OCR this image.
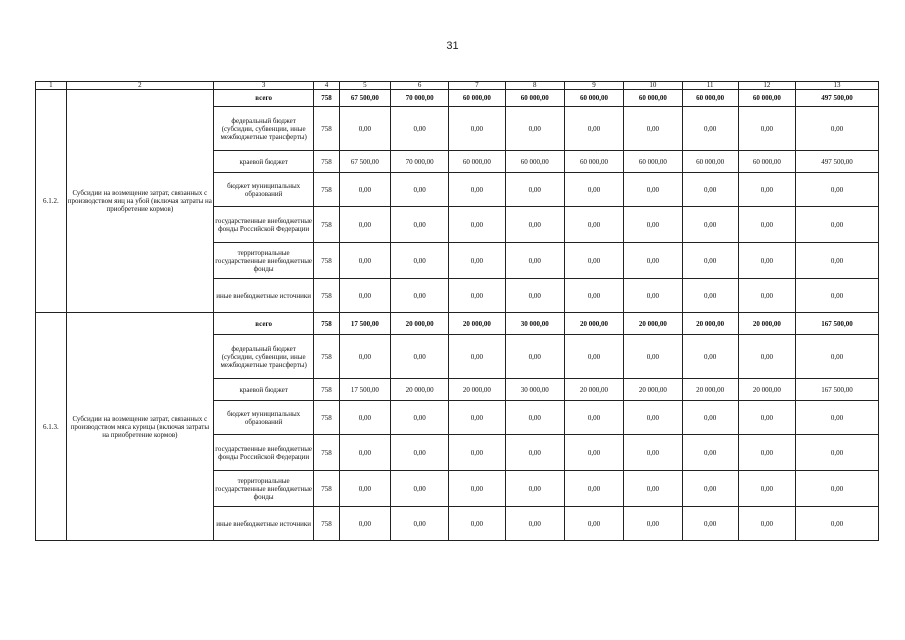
31
1	2	3	4	5	6	7	8	9	10	11	12	13
6.1.2.	Субсидии на возмещение затрат, связанных с производством яиц на убой (включая затраты на приобретение кормов)	всего	758	67 500,00	70 000,00	60 000,00	60 000,00	60 000,00	60 000,00	60 000,00	60 000,00	497 500,00
		федеральный бюджет (субсидии, субвенции, иные межбюджетные трансферты)	758	0,00	0,00	0,00	0,00	0,00	0,00	0,00	0,00	0,00
		краевой бюджет	758	67 500,00	70 000,00	60 000,00	60 000,00	60 000,00	60 000,00	60 000,00	60 000,00	497 500,00
		бюджет муниципальных образований	758	0,00	0,00	0,00	0,00	0,00	0,00	0,00	0,00	0,00
		государственные внебюджетные фонды Российской Федерации	758	0,00	0,00	0,00	0,00	0,00	0,00	0,00	0,00	0,00
		территориальные государственные внебюджетные фонды	758	0,00	0,00	0,00	0,00	0,00	0,00	0,00	0,00	0,00
		иные внебюджетные источники	758	0,00	0,00	0,00	0,00	0,00	0,00	0,00	0,00	0,00
6.1.3.	Субсидии на возмещение затрат, связанных с производством мяса курицы (включая затраты на приобретение кормов)	всего	758	17 500,00	20 000,00	20 000,00	30 000,00	20 000,00	20 000,00	20 000,00	20 000,00	167 500,00
		федеральный бюджет (субсидии, субвенции, иные межбюджетные трансферты)	758	0,00	0,00	0,00	0,00	0,00	0,00	0,00	0,00	0,00
		краевой бюджет	758	17 500,00	20 000,00	20 000,00	30 000,00	20 000,00	20 000,00	20 000,00	20 000,00	167 500,00
		бюджет муниципальных образований	758	0,00	0,00	0,00	0,00	0,00	0,00	0,00	0,00	0,00
		государственные внебюджетные фонды Российской Федерации	758	0,00	0,00	0,00	0,00	0,00	0,00	0,00	0,00	0,00
		территориальные государственные внебюджетные фонды	758	0,00	0,00	0,00	0,00	0,00	0,00	0,00	0,00	0,00
		иные внебюджетные источники	758	0,00	0,00	0,00	0,00	0,00	0,00	0,00	0,00	0,00
